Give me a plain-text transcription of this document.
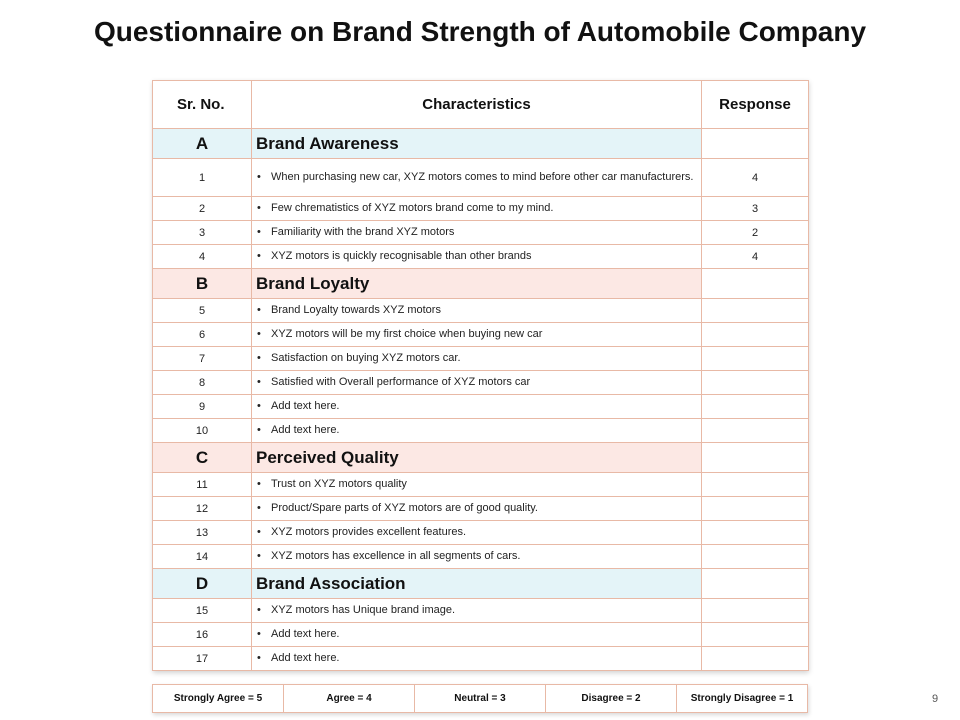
Questionnaire on Brand Strength of Automobile Company
Sr. No.	Characteristics	Response
A	Brand Awareness	
1	• When purchasing new car, XYZ motors comes to mind before other car manufacturers.	4
2	• Few chrematistics of XYZ motors brand come to my mind.	3
3	• Familiarity with the brand XYZ motors	2
4	• XYZ motors is quickly recognisable than other brands	4
B	Brand Loyalty	
5	• Brand Loyalty towards XYZ motors	

6	• XYZ motors will be my first choice when buying new car	

7	• Satisfaction on buying XYZ motors car.	

8	• Satisfied with Overall performance of XYZ motors car	

9	• Add text here.	

10	• Add text here.	

C	Perceived Quality	
11	• Trust on XYZ motors quality	

12	• Product/Spare parts of XYZ motors are of good quality.	

13	• XYZ motors provides excellent features.	

14	• XYZ motors has excellence in all segments of cars.	

D	Brand Association	
15	• XYZ motors has Unique brand image.	

16	• Add text here.	

17	• Add text here.	

Strongly Agree = 5	Agree = 4	Neutral = 3	Disagree = 2	Strongly Disagree = 1	9
